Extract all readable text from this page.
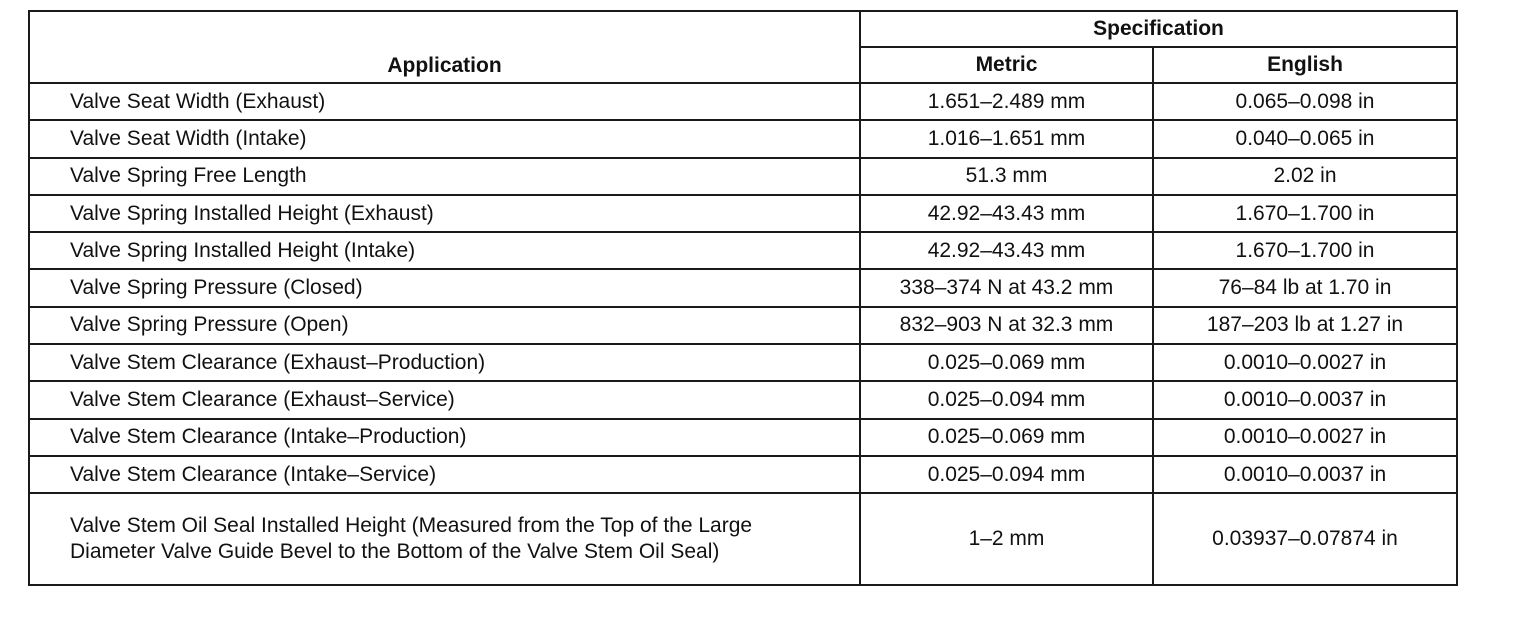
Application	Specification	
	Metric	English
Valve Seat Width (Exhaust)	1.651–2.489 mm	0.065–0.098 in
Valve Seat Width (Intake)	1.016–1.651 mm	0.040–0.065 in
Valve Spring Free Length	51.3 mm	2.02 in
Valve Spring Installed Height (Exhaust)	42.92–43.43 mm	1.670–1.700 in
Valve Spring Installed Height (Intake)	42.92–43.43 mm	1.670–1.700 in
Valve Spring Pressure (Closed)	338–374 N at 43.2 mm	76–84 lb at 1.70 in
Valve Spring Pressure (Open)	832–903 N at 32.3 mm	187–203 lb at 1.27 in
Valve Stem Clearance (Exhaust–Production)	0.025–0.069 mm	0.0010–0.0027 in
Valve Stem Clearance (Exhaust–Service)	0.025–0.094 mm	0.0010–0.0037 in
Valve Stem Clearance (Intake–Production)	0.025–0.069 mm	0.0010–0.0027 in
Valve Stem Clearance (Intake–Service)	0.025–0.094 mm	0.0010–0.0037 in
Valve Stem Oil Seal Installed Height (Measured from the Top of the Large Diameter Valve Guide Bevel to the Bottom of the Valve Stem Oil Seal)	1–2 mm	0.03937–0.07874 in
